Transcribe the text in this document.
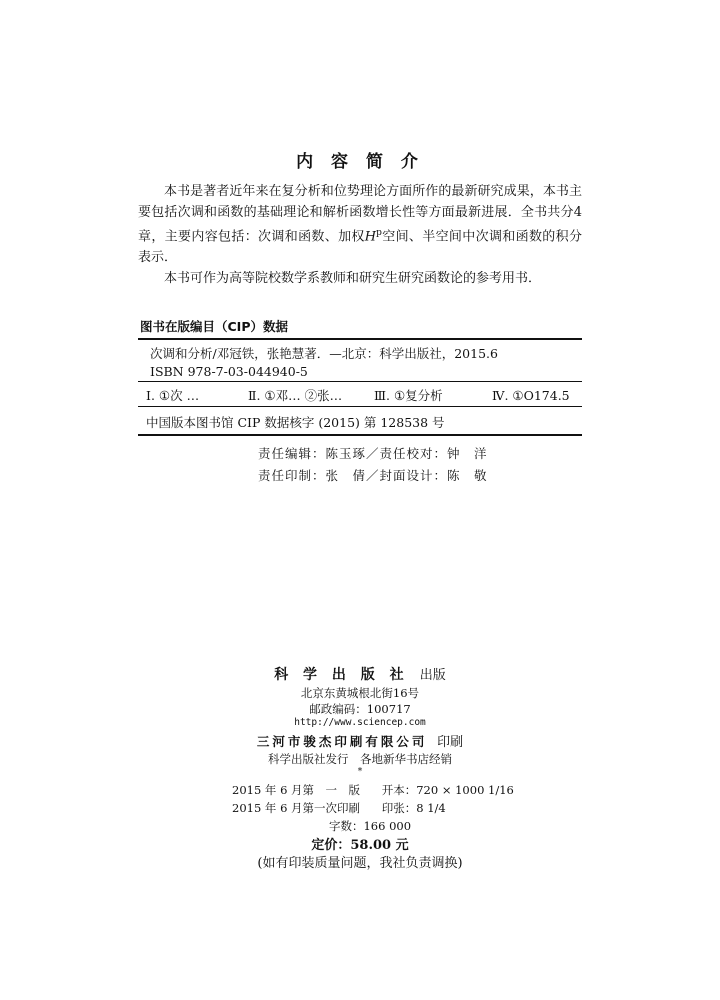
内 容 简 介

本书是著者近年来在复分析和位势理论方面所作的最新研究成果，本书主要包括次调和函数的基础理论和解析函数增长性等方面最新进展．全书共分4章，主要内容包括：次调和函数、加权$H^p$空间、半空间中次调和函数的积分表示．

本书可作为高等院校数学系教师和研究生研究函数论的参考用书．

图书在版编目（CIP）数据
次调和分析/邓冠铁，张艳慧著．—北京：科学出版社，2015.6
ISBN 978-7-03-044940-5
Ⅰ. ①次 …	Ⅱ. ①邓… ②张…	Ⅲ. ①复分析	Ⅳ. ①O174.5
中国版本图书馆 CIP 数据核字 (2015) 第 128538 号
责任编辑：陈玉琢／责任校对：钟　洋
责任印制：张　倩／封面设计：陈　敬
科 学 出 版 社 出版
北京东黄城根北街16号
邮政编码：100717
http://www.sciencep.com
三河市骏杰印刷有限公司 印刷
科学出版社发行　各地新华书店经销
*
2015 年 6 月第　一　版 开本：720 × 1000 1/16
2015 年 6 月第一次印刷 印张：8 1/4
字数：166 000
定价：58.00 元
(如有印装质量问题，我社负责调换)
